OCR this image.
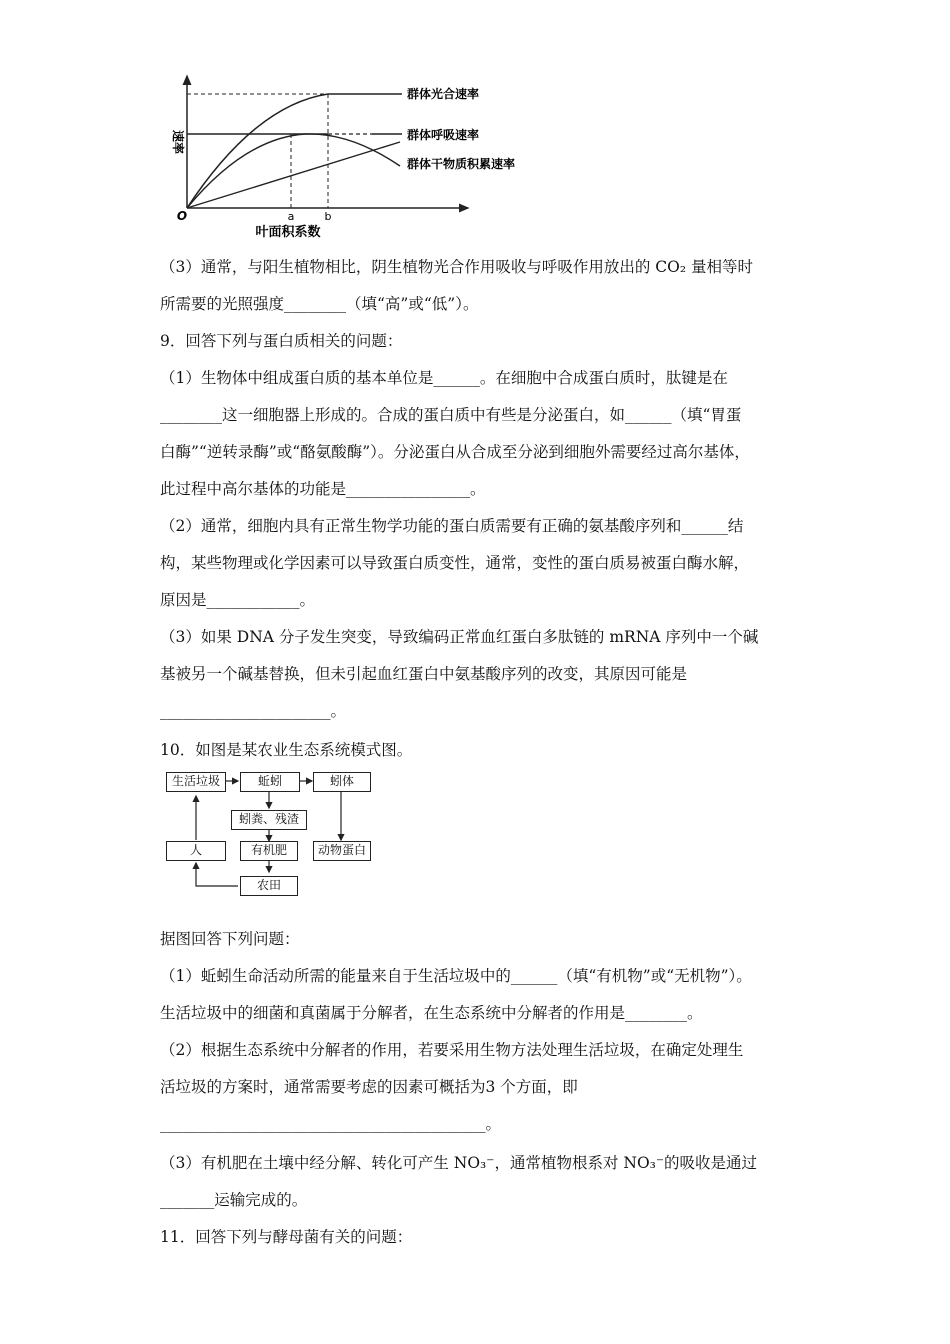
速率
O	a	b
叶面积系数
群体光合速率
群体呼吸速率
群体干物质积累速率
（3）通常，与阳生植物相比，阴生植物光合作用吸收与呼吸作用放出的 CO₂ 量相等时
所需要的光照强度________（填“高”或“低”）。
9．回答下列与蛋白质相关的问题：
（1）生物体中组成蛋白质的基本单位是______。在细胞中合成蛋白质时，肽键是在
________这一细胞器上形成的。合成的蛋白质中有些是分泌蛋白，如______（填“胃蛋
白酶”“逆转录酶”或“酪氨酸酶”）。分泌蛋白从合成至分泌到细胞外需要经过高尔基体，
此过程中高尔基体的功能是________________。
（2）通常，细胞内具有正常生物学功能的蛋白质需要有正确的氨基酸序列和______结
构，某些物理或化学因素可以导致蛋白质变性，通常，变性的蛋白质易被蛋白酶水解，
原因是____________。
（3）如果 DNA 分子发生突变，导致编码正常血红蛋白多肽链的 mRNA 序列中一个碱
基被另一个碱基替换，但未引起血红蛋白中氨基酸序列的改变，其原因可能是
______________________。
10．如图是某农业生态系统模式图。
生活垃圾	蚯蚓	蚓体
蚓粪、残渣
人	有机肥	动物蛋白
农田
据图回答下列问题：
（1）蚯蚓生命活动所需的能量来自于生活垃圾中的______（填“有机物”或“无机物”）。
生活垃圾中的细菌和真菌属于分解者，在生态系统中分解者的作用是________。
（2）根据生态系统中分解者的作用，若要采用生物方法处理生活垃圾，在确定处理生
活垃圾的方案时，通常需要考虑的因素可概括为3 个方面，即
__________________________________________。
（3）有机肥在土壤中经分解、转化可产生 NO₃⁻，通常植物根系对 NO₃⁻的吸收是通过
_______运输完成的。
11．回答下列与酵母菌有关的问题：
